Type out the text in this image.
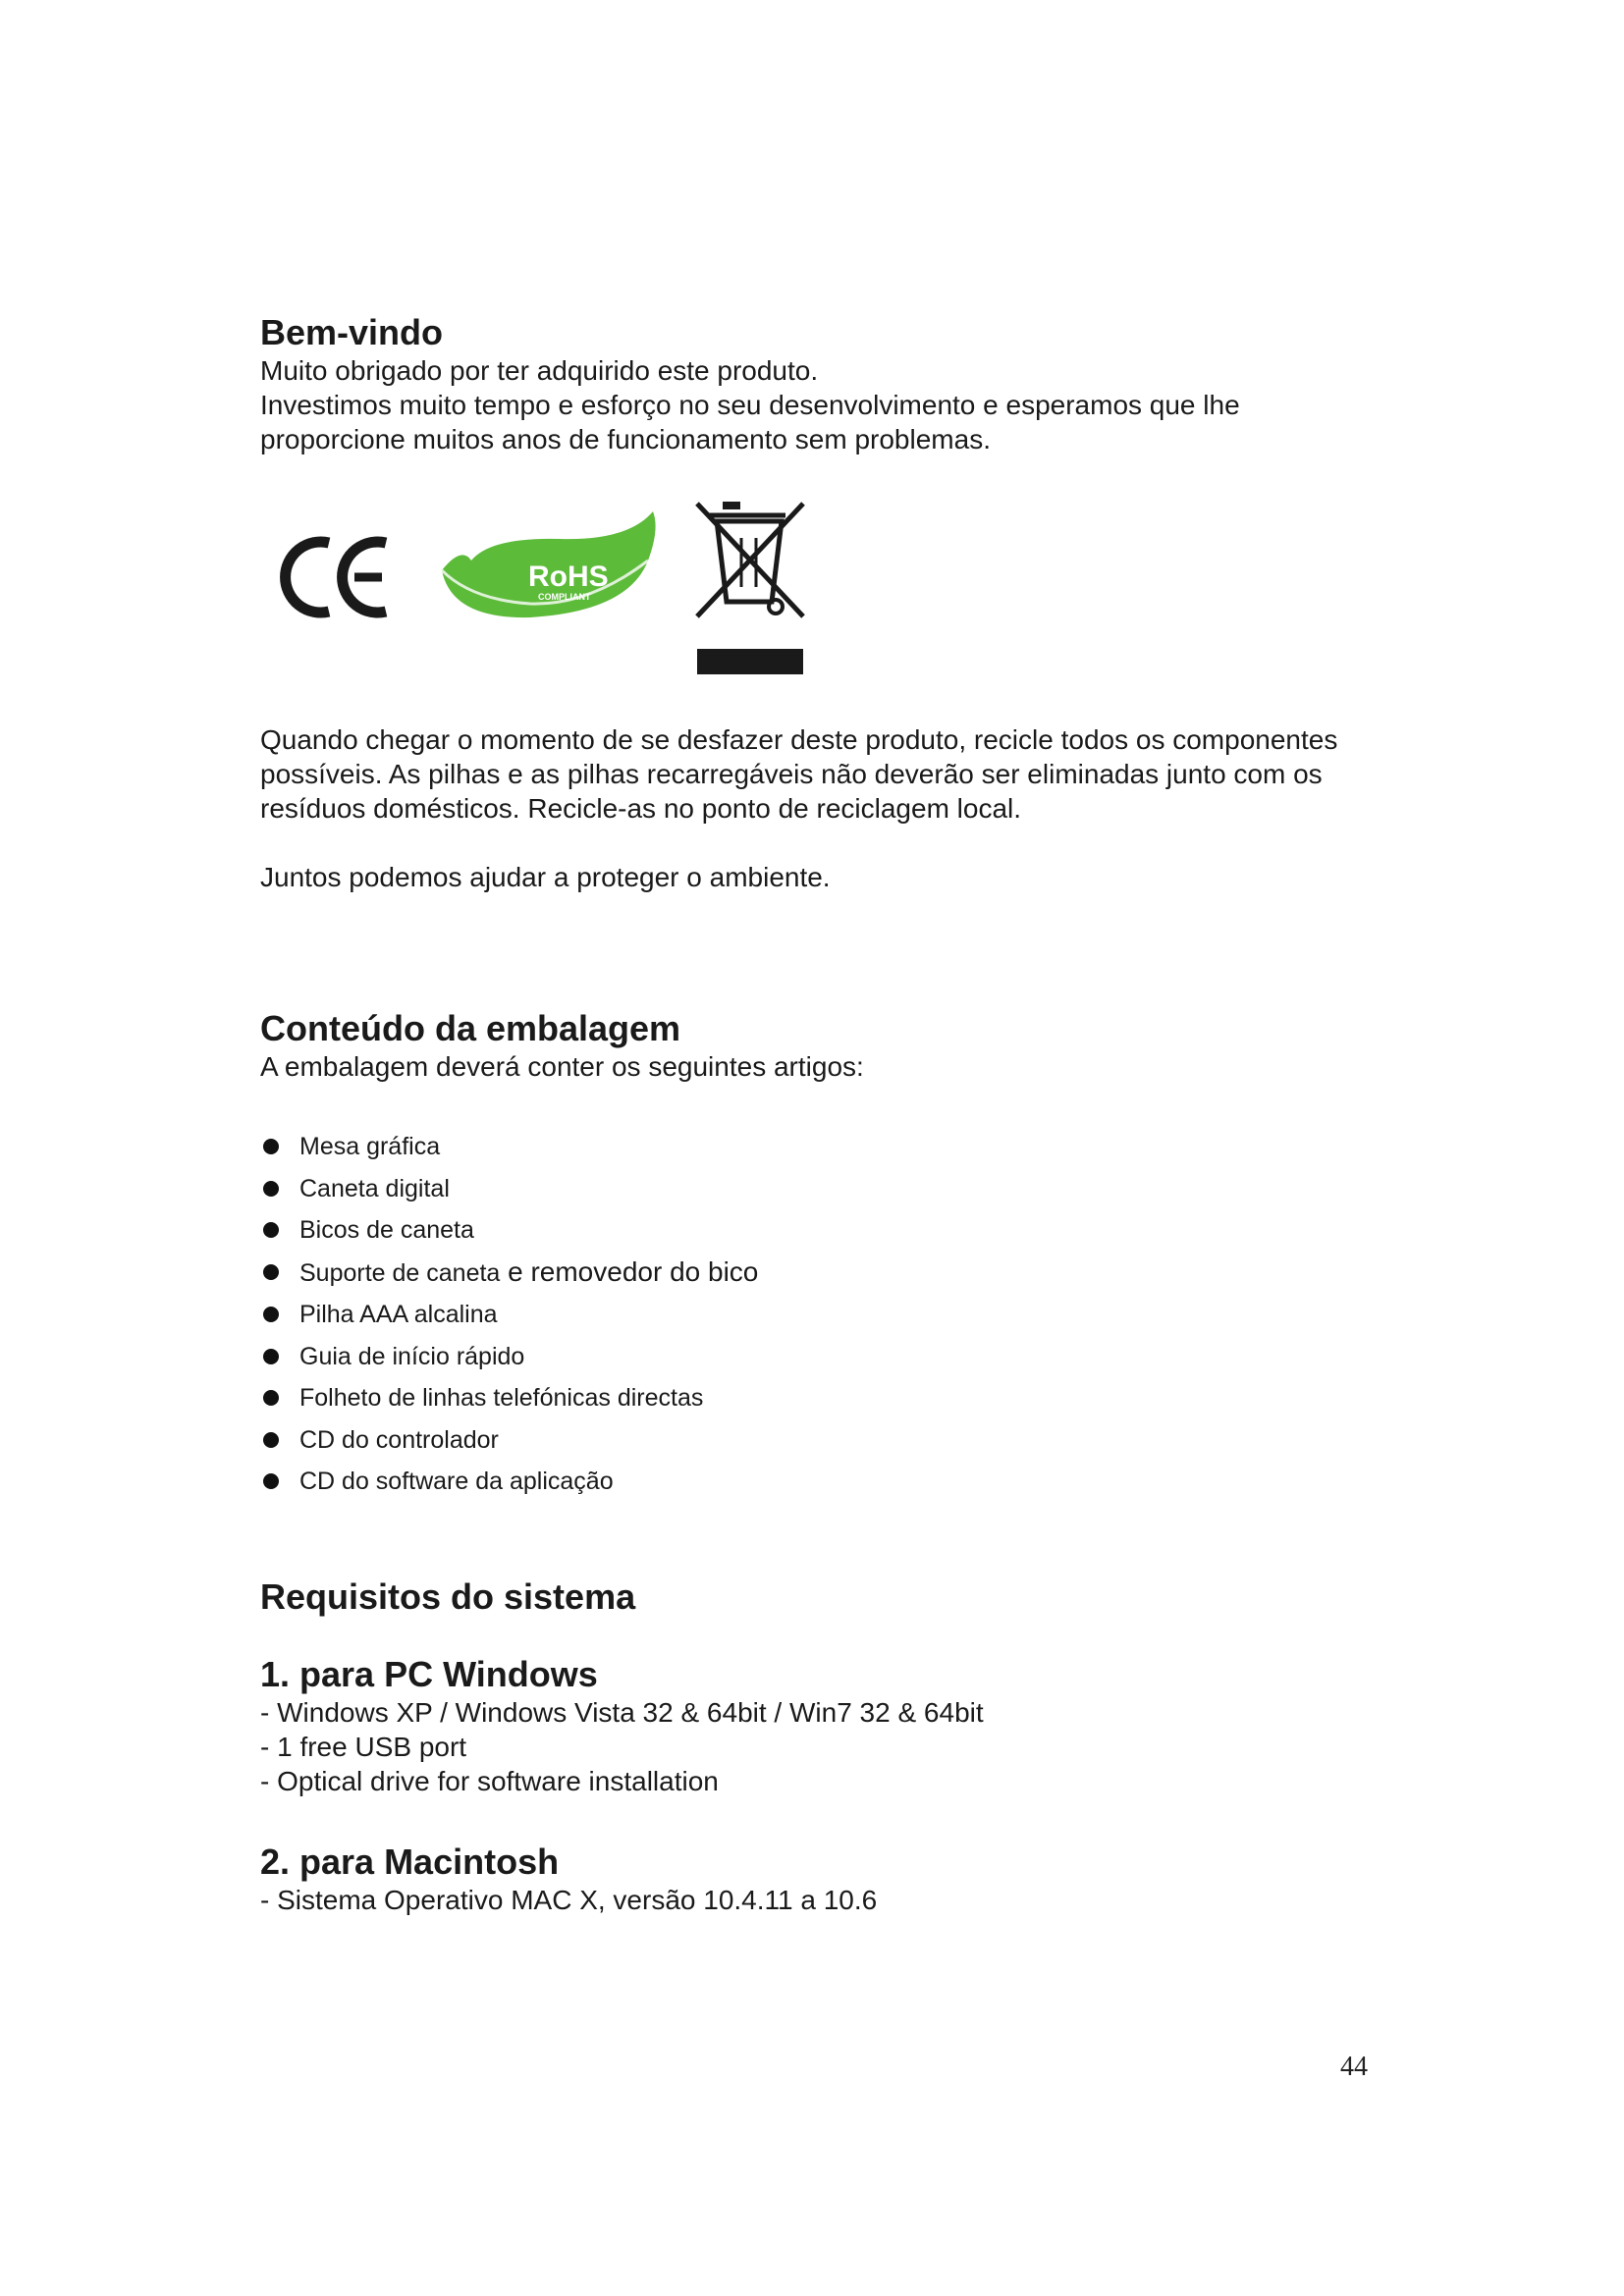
Bem-vindo

Muito obrigado por ter adquirido este produto.

Investimos muito tempo e esforço no seu desenvolvimento e esperamos que lhe proporcione muitos anos de funcionamento sem problemas.

CE
RoHS
COMPLIANT

Quando chegar o momento de se desfazer deste produto, recicle todos os componentes possíveis. As pilhas e as pilhas recarregáveis não deverão ser eliminadas junto com os resíduos domésticos. Recicle-as no ponto de reciclagem local.

Juntos podemos ajudar a proteger o ambiente.

Conteúdo da embalagem

A embalagem deverá conter os seguintes artigos:

Mesa gráfica
Caneta digital
Bicos de caneta
Suporte de caneta e removedor do bico
Pilha AAA alcalina
Guia de início rápido
Folheto de linhas telefónicas directas
CD do controlador
CD do software da aplicação
Requisitos do sistema
1. para PC Windows

- Windows XP / Windows Vista 32 & 64bit / Win7 32 & 64bit

- 1 free USB port

- Optical drive for software installation

2. para Macintosh

- Sistema Operativo MAC X, versão 10.4.11 a 10.6

44
